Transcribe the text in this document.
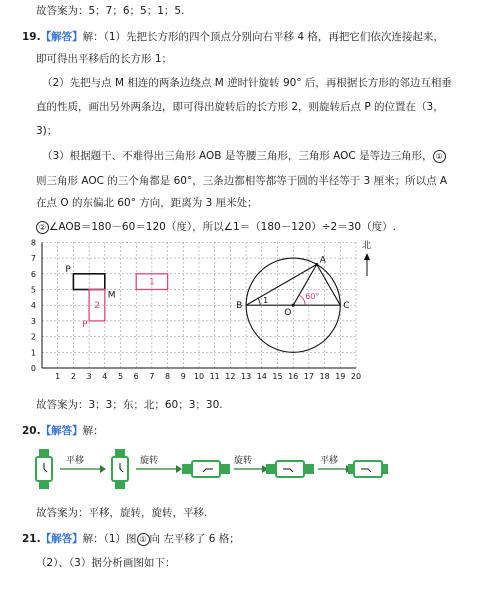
故答案为：5；7；6；5；1；5.
19.【解答】解：（1）先把长方形的四个顶点分别向右平移 4 格，再把它们依次连接起来，
即可得出平移后的长方形 1；
（2）先把与点 M 相连的两条边绕点 M 逆时针旋转 90° 后，再根据长方形的邻边互相垂
直的性质，画出另外两条边，即可得出旋转后的长方形 2，则旋转后点 P 的位置在（3，
3)；
（3）根据题干、不难得出三角形 AOB 是等腰三角形，三角形 AOC 是等边三角形， ①
则三角形 AOC 的三个角都是 60°，三条边都相等都等于圆的半径等于 3 厘米；所以点 A
在点 O 的东偏北 60° 方向，距离为 3 厘米处；
② ∠AOB＝180－60＝120（度），所以∠1＝（180－120）÷2＝30（度）.
1 2 3 4 5 6 7 8 9 10 11 12 13 14 15 16 17 18 19 20
0
1
2
3
4
5
6
7
8
P
M
2
P
1
A
B	C
O
1	60°
北
故答案为：3；3；东；北；60；3；30.
20.【解答】解：
平移	旋转	旋转	平移
故答案为：平移，旋转，旋转，平移.
21.【解答】解：（1）图 ① 向 左平移了 6 格；
（2）、（3）据分析画图如下：
